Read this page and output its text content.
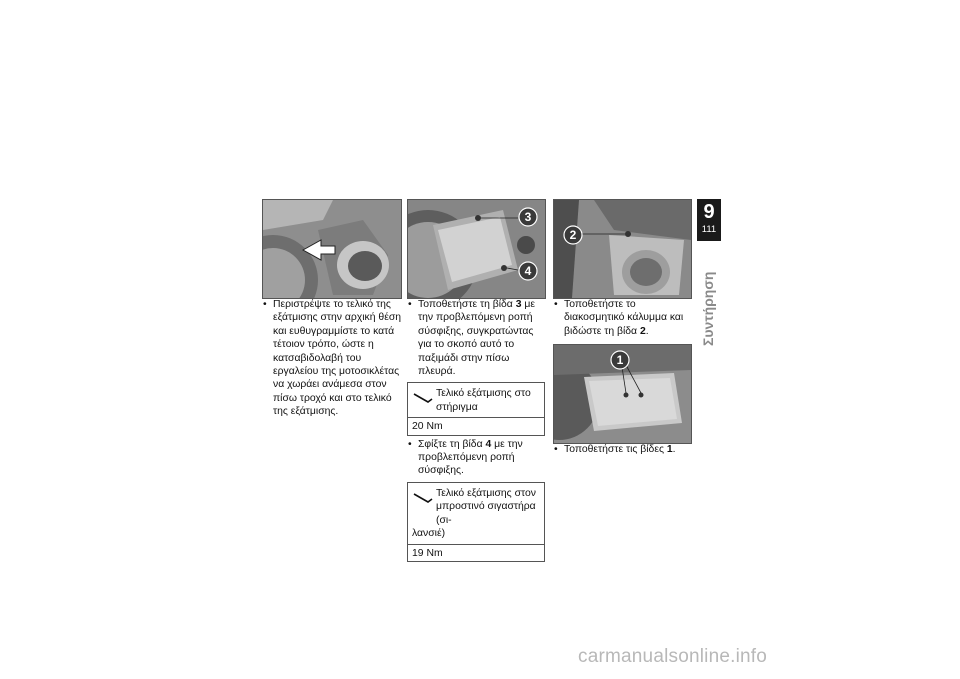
3
4
2
1

• Περιστρέψτε το τελικό της εξάτμισης στην αρχική θέση και ευθυγραμμίστε το κατά τέτοιον τρόπο, ώστε η κατσαβιδολαβή του εργαλείου της μοτοσικλέτας να χωράει ανάμεσα στον πίσω τροχό και στο τελικό της εξάτμισης.

• Τοποθετήστε τη βίδα 3 με την προβλεπόμενη ροπή σύσφιξης, συγκρατώντας για το σκοπό αυτό το παξιμάδι στην πίσω πλευρά.

Τελικό εξάτμισης στο στήριγμα
20 Nm

• Σφίξτε τη βίδα 4 με την προβλεπόμενη ροπή σύσφιξης.

Τελικό εξάτμισης στον
μπροστινό σιγαστήρα (σι-

λανσιέ)
19 Nm

• Τοποθετήστε το διακοσμητικό κάλυμμα και βιδώστε τη βίδα 2.

• Τοποθετήστε τις βίδες 1.

9
111
Συντήρηση
carmanualsonline.info
